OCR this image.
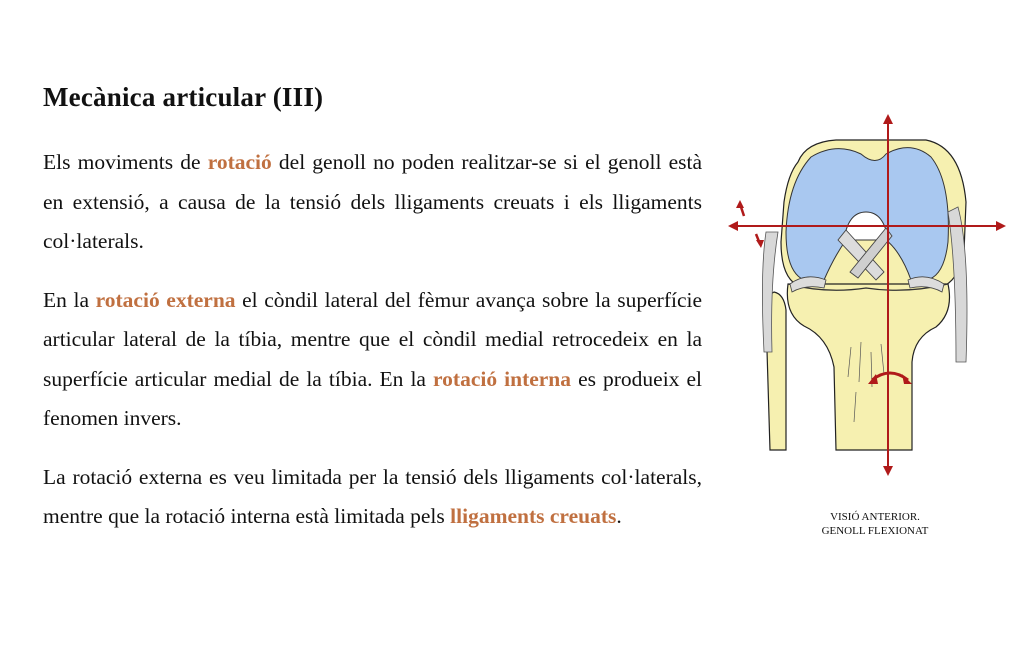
Mecànica articular (III)

Els moviments de rotació del genoll no poden realitzar-se si el genoll està en extensió, a causa de la tensió dels lligaments creuats i els lligaments col·laterals.

En la rotació externa el còndil lateral del fèmur avança sobre la superfície articular lateral de la tíbia, mentre que el còndil medial retrocedeix en la superfície articular medial de la tíbia. En la rotació interna es produeix el fenomen invers.

La rotació externa es veu limitada per la tensió dels lligaments col·laterals, mentre que la rotació interna està limitada pels lligaments creuats.	VISIÓ ANTERIOR.
GENOLL FLEXIONAT
